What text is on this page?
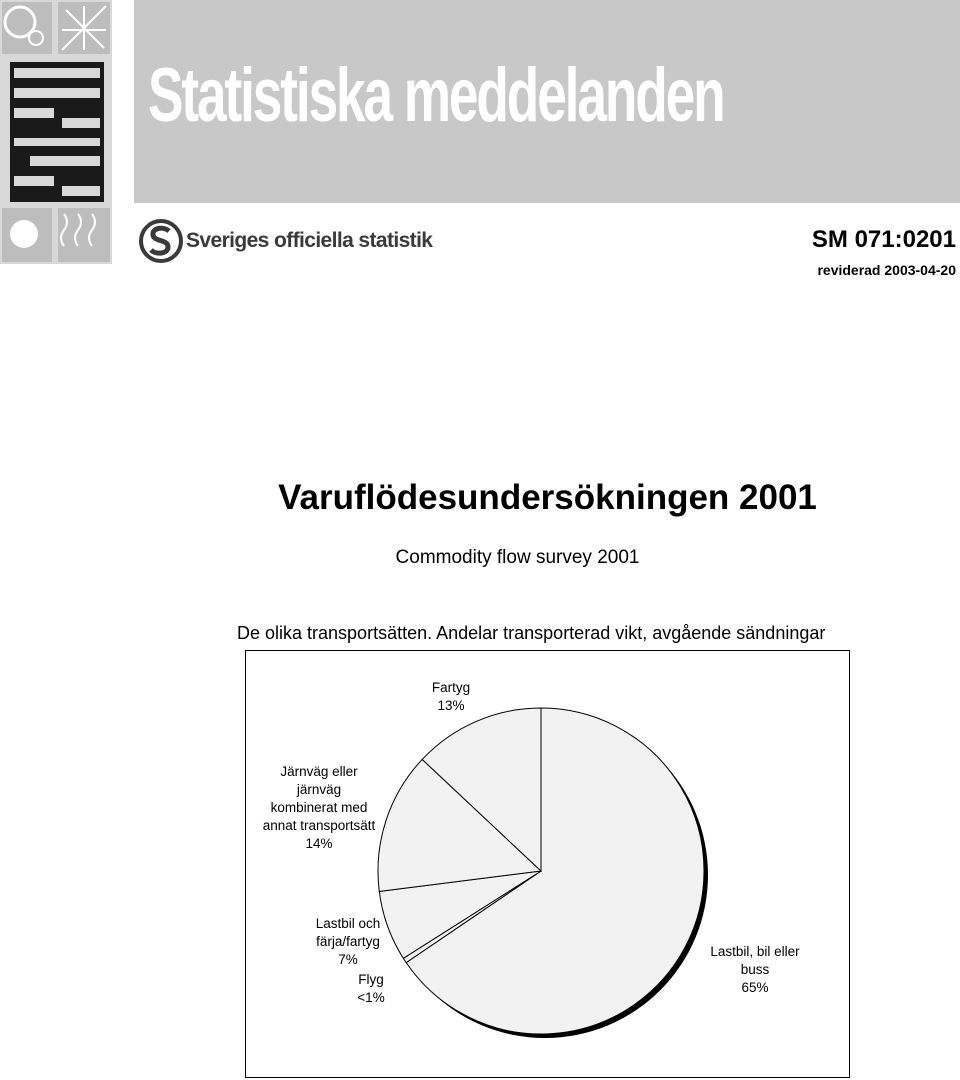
Statistiska meddelanden
Sveriges officiella statistik	SM 071:0201
reviderad 2003-04-20
Varuflödesundersökningen 2001
Commodity flow survey 2001
De olika transportsätten. Andelar transporterad vikt, avgående sändningar
Fartyg
13%
Järnväg eller
järnväg
kombinerat med
annat transportsätt
14%
Lastbil och
färja/fartyg
7%
Flyg
<1%
Lastbil, bil eller
buss
65%
